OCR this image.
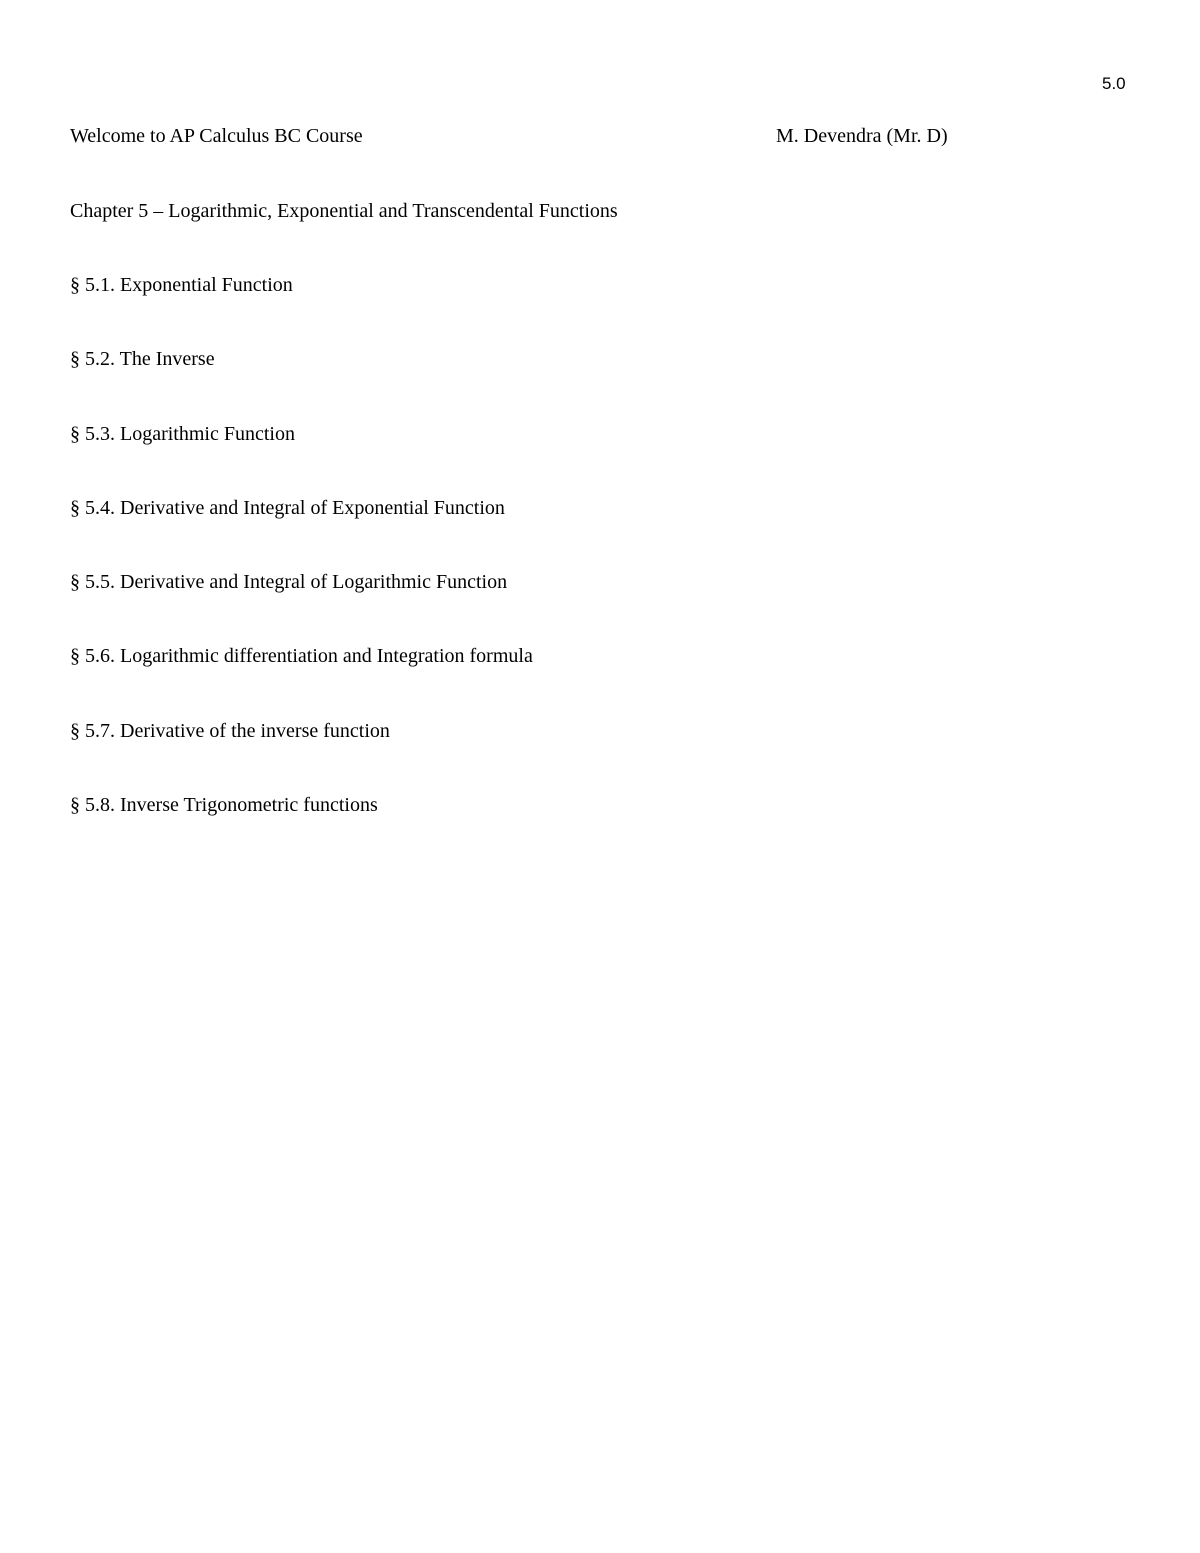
5.0
Welcome to AP Calculus BC Course	M. Devendra (Mr. D)
Chapter 5 – Logarithmic, Exponential and Transcendental Functions
§ 5.1. Exponential Function
§ 5.2. The Inverse
§ 5.3. Logarithmic Function
§ 5.4. Derivative and Integral of Exponential Function
§ 5.5. Derivative and Integral of Logarithmic Function
§ 5.6. Logarithmic differentiation and Integration formula
§ 5.7. Derivative of the inverse function
§ 5.8. Inverse Trigonometric functions
